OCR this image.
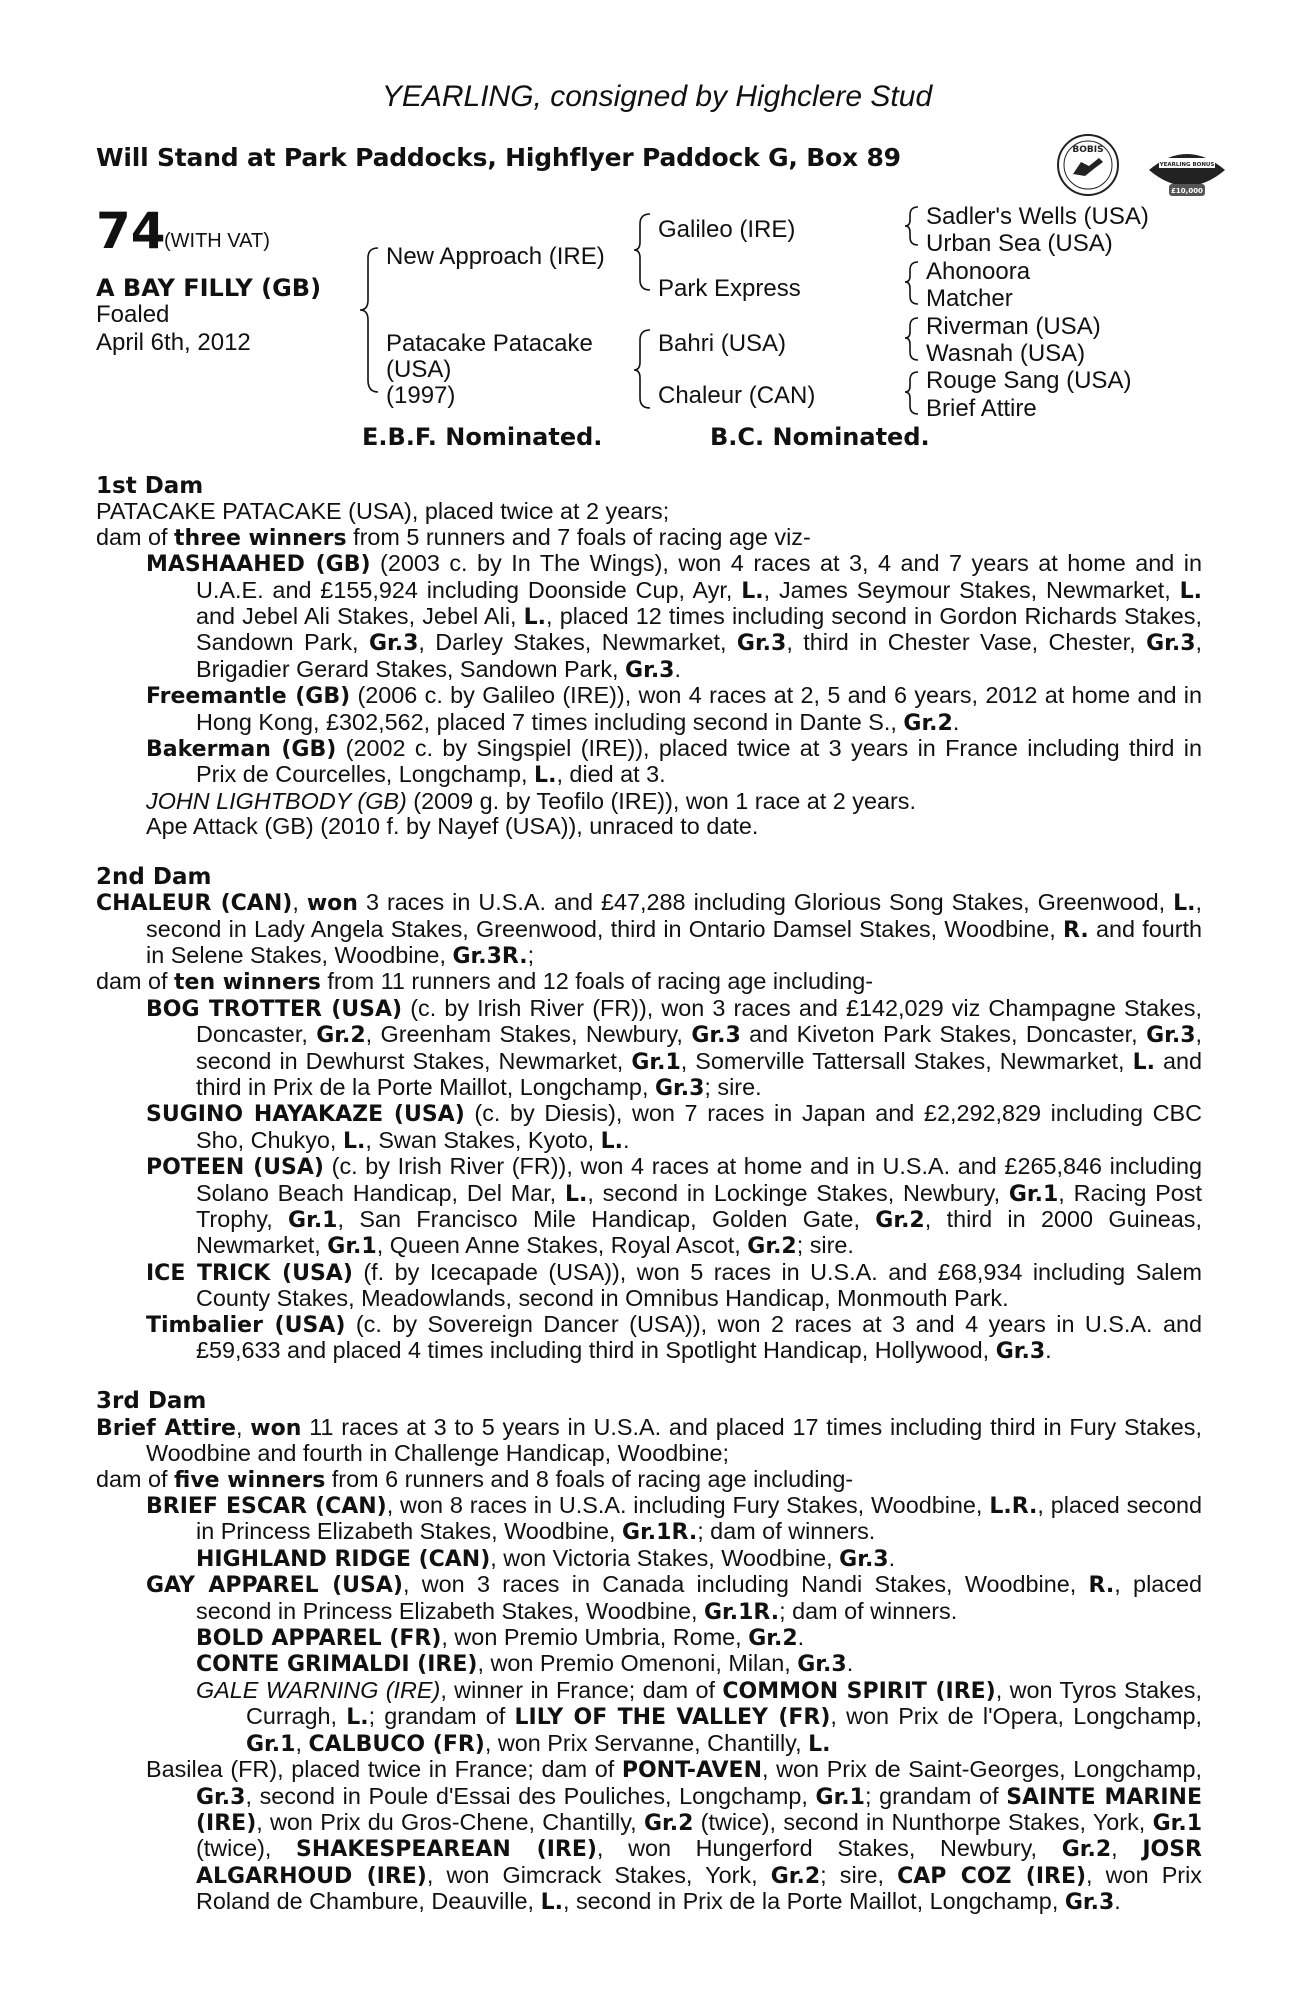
YEARLING, consigned by Highclere Stud
Will Stand at Park Paddocks, Highflyer Paddock G, Box 89	BOBIS	RACING POST
YEARLING BONUS
£10,000
74
(WITH VAT)
A BAY FILLY (GB)
Foaled
April 6th, 2012
New Approach (IRE)
Patacake Patacake
(USA)
(1997)
Galileo (IRE)
Park Express
Bahri (USA)
Chaleur (CAN)
Sadler's Wells (USA)
Urban Sea (USA)
Ahonoora
Matcher
Riverman (USA)
Wasnah (USA)
Rouge Sang (USA)
Brief Attire
E.B.F. Nominated.	B.C. Nominated.
1st Dam
PATACAKE PATACAKE (USA), placed twice at 2 years;
dam of three winners from 5 runners and 7 foals of racing age viz-
MASHAAHED (GB) (2003 c. by In The Wings), won 4 races at 3, 4 and 7 years at home and in U.A.E. and £155,924 including Doonside Cup, Ayr, L., James Seymour Stakes, Newmarket, L. and Jebel Ali Stakes, Jebel Ali, L., placed 12 times including second in Gordon Richards Stakes, Sandown Park, Gr.3, Darley Stakes, Newmarket, Gr.3, third in Chester Vase, Chester, Gr.3, Brigadier Gerard Stakes, Sandown Park, Gr.3.
Freemantle (GB) (2006 c. by Galileo (IRE)), won 4 races at 2, 5 and 6 years, 2012 at home and in Hong Kong, £302,562, placed 7 times including second in Dante S., Gr.2.
Bakerman (GB) (2002 c. by Singspiel (IRE)), placed twice at 3 years in France including third in Prix de Courcelles, Longchamp, L., died at 3.
JOHN LIGHTBODY (GB) (2009 g. by Teofilo (IRE)), won 1 race at 2 years.
Ape Attack (GB) (2010 f. by Nayef (USA)), unraced to date.
2nd Dam
CHALEUR (CAN), won 3 races in U.S.A. and £47,288 including Glorious Song Stakes, Greenwood, L., second in Lady Angela Stakes, Greenwood, third in Ontario Damsel Stakes, Woodbine, R. and fourth in Selene Stakes, Woodbine, Gr.3R.;
dam of ten winners from 11 runners and 12 foals of racing age including-
BOG TROTTER (USA) (c. by Irish River (FR)), won 3 races and £142,029 viz Champagne Stakes, Doncaster, Gr.2, Greenham Stakes, Newbury, Gr.3 and Kiveton Park Stakes, Doncaster, Gr.3, second in Dewhurst Stakes, Newmarket, Gr.1, Somerville Tattersall Stakes, Newmarket, L. and third in Prix de la Porte Maillot, Longchamp, Gr.3; sire.
SUGINO HAYAKAZE (USA) (c. by Diesis), won 7 races in Japan and £2,292,829 including CBC Sho, Chukyo, L., Swan Stakes, Kyoto, L..
POTEEN (USA) (c. by Irish River (FR)), won 4 races at home and in U.S.A. and £265,846 including Solano Beach Handicap, Del Mar, L., second in Lockinge Stakes, Newbury, Gr.1, Racing Post Trophy, Gr.1, San Francisco Mile Handicap, Golden Gate, Gr.2, third in 2000 Guineas, Newmarket, Gr.1, Queen Anne Stakes, Royal Ascot, Gr.2; sire.
ICE TRICK (USA) (f. by Icecapade (USA)), won 5 races in U.S.A. and £68,934 including Salem County Stakes, Meadowlands, second in Omnibus Handicap, Monmouth Park.
Timbalier (USA) (c. by Sovereign Dancer (USA)), won 2 races at 3 and 4 years in U.S.A. and £59,633 and placed 4 times including third in Spotlight Handicap, Hollywood, Gr.3.
3rd Dam
Brief Attire, won 11 races at 3 to 5 years in U.S.A. and placed 17 times including third in Fury Stakes, Woodbine and fourth in Challenge Handicap, Woodbine;
dam of five winners from 6 runners and 8 foals of racing age including-
BRIEF ESCAR (CAN), won 8 races in U.S.A. including Fury Stakes, Woodbine, L.R., placed second in Princess Elizabeth Stakes, Woodbine, Gr.1R.; dam of winners.
HIGHLAND RIDGE (CAN), won Victoria Stakes, Woodbine, Gr.3.
GAY APPAREL (USA), won 3 races in Canada including Nandi Stakes, Woodbine, R., placed second in Princess Elizabeth Stakes, Woodbine, Gr.1R.; dam of winners.
BOLD APPAREL (FR), won Premio Umbria, Rome, Gr.2.
CONTE GRIMALDI (IRE), won Premio Omenoni, Milan, Gr.3.
GALE WARNING (IRE), winner in France; dam of COMMON SPIRIT (IRE), won Tyros Stakes, Curragh, L.; grandam of LILY OF THE VALLEY (FR), won Prix de l'Opera, Longchamp, Gr.1, CALBUCO (FR), won Prix Servanne, Chantilly, L.
Basilea (FR), placed twice in France; dam of PONT-AVEN, won Prix de Saint-Georges, Longchamp, Gr.3, second in Poule d'Essai des Pouliches, Longchamp, Gr.1; grandam of SAINTE MARINE (IRE), won Prix du Gros-Chene, Chantilly, Gr.2 (twice), second in Nunthorpe Stakes, York, Gr.1 (twice), SHAKESPEAREAN (IRE), won Hungerford Stakes, Newbury, Gr.2, JOSR ALGARHOUD (IRE), won Gimcrack Stakes, York, Gr.2; sire, CAP COZ (IRE), won Prix Roland de Chambure, Deauville, L., second in Prix de la Porte Maillot, Longchamp, Gr.3.
